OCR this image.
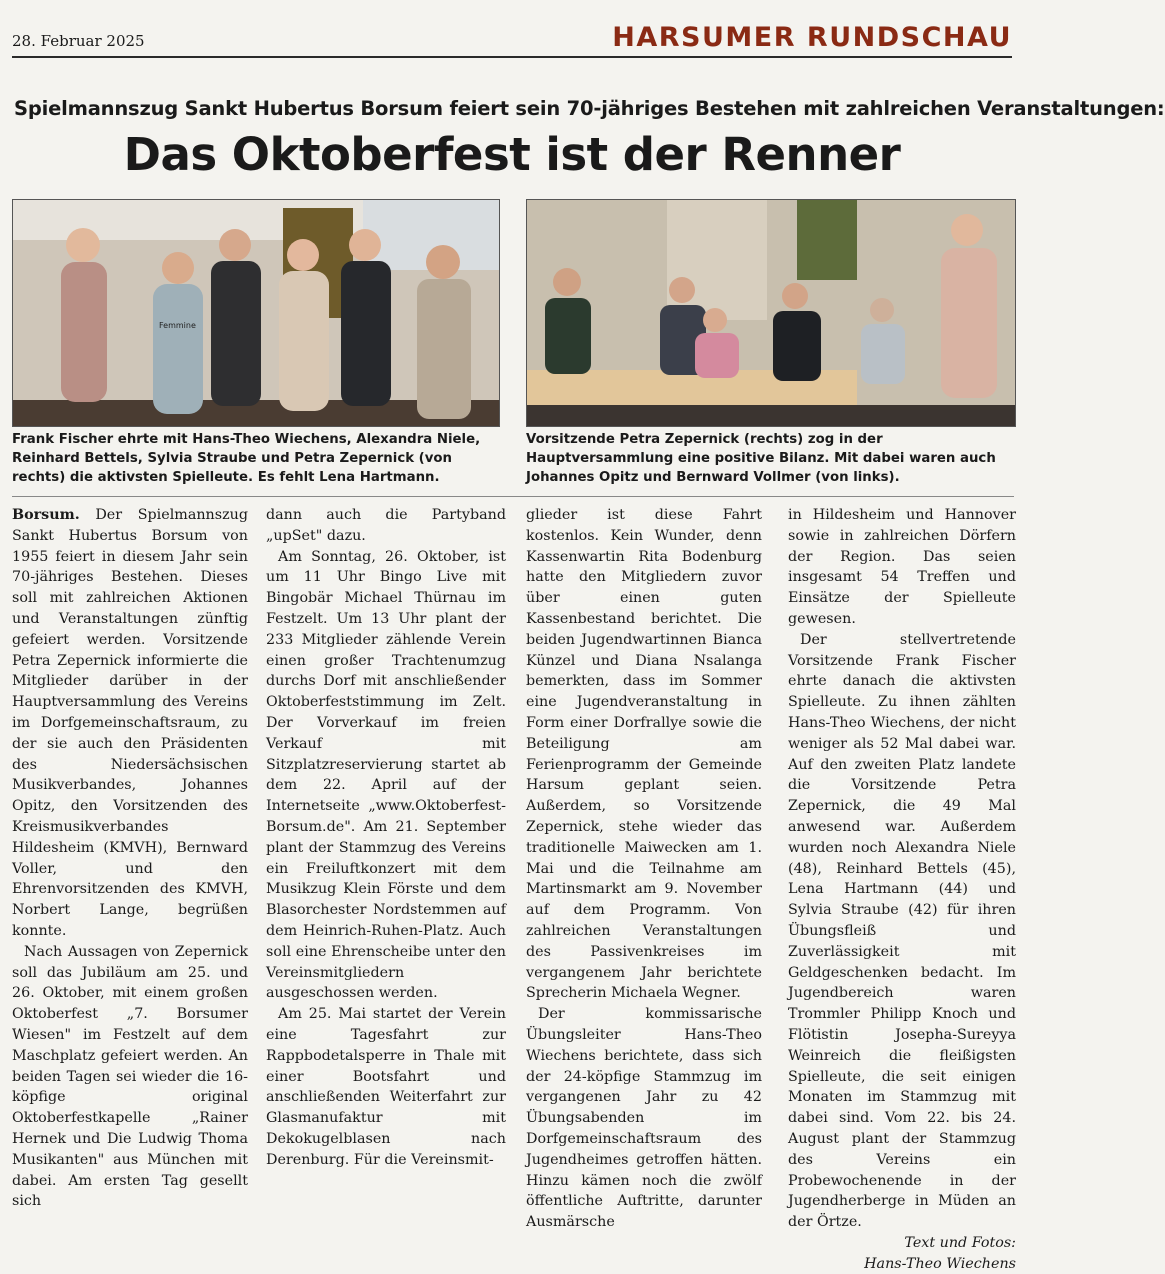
28. Februar 2025	HARSUMER RUNDSCHAU
Spielmannszug Sankt Hubertus Borsum feiert sein 70-jähriges Bestehen mit zahlreichen Veranstaltungen:
Das Oktoberfest ist der Renner
Femmine
Frank Fischer ehrte mit Hans-Theo Wiechens, Alexandra Niele, Reinhard Bettels, Sylvia Straube und Petra Zepernick (von rechts) die aktivsten Spielleute. Es fehlt Lena Hartmann.
Vorsitzende Petra Zepernick (rechts) zog in der Hauptversammlung eine positive Bilanz. Mit dabei waren auch Johannes Opitz und Bernward Vollmer (von links).

Borsum. Der Spielmannszug Sankt Hubertus Borsum von 1955 feiert in diesem Jahr sein 70-jähriges Bestehen. Dieses soll mit zahlreichen Aktionen und Veranstaltungen zünftig gefeiert werden. Vorsitzende Petra Zepernick informierte die Mitglieder darüber in der Hauptversammlung des Vereins im Dorfgemeinschaftsraum, zu der sie auch den Präsidenten des Niedersächsischen Musikverbandes, Johannes Opitz, den Vorsitzenden des Kreismusikverbandes Hildesheim (KMVH), Bernward Voller, und den Ehrenvorsitzenden des KMVH, Norbert Lange, begrüßen konnte.

Nach Aussagen von Zepernick soll das Jubiläum am 25. und 26. Oktober, mit einem großen Oktoberfest „7. Borsumer Wiesen" im Festzelt auf dem Maschplatz gefeiert werden. An beiden Tagen sei wieder die 16-köpfige original Oktoberfestkapelle „Rainer Hernek und Die Ludwig Thoma Musikanten" aus München mit dabei. Am ersten Tag gesellt sich

dann auch die Partyband „upSet" dazu.

Am Sonntag, 26. Oktober, ist um 11 Uhr Bingo Live mit Bingobär Michael Thürnau im Festzelt. Um 13 Uhr plant der 233 Mitglieder zählende Verein einen großer Trachtenumzug durchs Dorf mit anschließender Oktoberfeststimmung im Zelt. Der Vorverkauf im freien Verkauf mit Sitzplatzreservierung startet ab dem 22. April auf der Internetseite „www.Oktoberfest-Borsum.de". Am 21. September plant der Stammzug des Vereins ein Freiluftkonzert mit dem Musikzug Klein Förste und dem Blasorchester Nordstemmen auf dem Heinrich-Ruhen-Platz. Auch soll eine Ehrenscheibe unter den Vereinsmitgliedern ausgeschossen werden.

Am 25. Mai startet der Verein eine Tagesfahrt zur Rappbodetalsperre in Thale mit einer Bootsfahrt und anschließenden Weiterfahrt zur Glasmanufaktur mit Dekokugelblasen nach Derenburg. Für die Vereinsmit-

glieder ist diese Fahrt kostenlos. Kein Wunder, denn Kassenwartin Rita Bodenburg hatte den Mitgliedern zuvor über einen guten Kassenbestand berichtet. Die beiden Jugendwartinnen Bianca Künzel und Diana Nsalanga bemerkten, dass im Sommer eine Jugendveranstaltung in Form einer Dorfrallye sowie die Beteiligung am Ferienprogramm der Gemeinde Harsum geplant seien. Außerdem, so Vorsitzende Zepernick, stehe wieder das traditionelle Maiwecken am 1. Mai und die Teilnahme am Martinsmarkt am 9. November auf dem Programm. Von zahlreichen Veranstaltungen des Passivenkreises im vergangenem Jahr berichtete Sprecherin Michaela Wegner.

Der kommissarische Übungsleiter Hans-Theo Wiechens berichtete, dass sich der 24-köpfige Stammzug im vergangenen Jahr zu 42 Übungsabenden im Dorfgemeinschaftsraum des Jugendheimes getroffen hätten. Hinzu kämen noch die zwölf öffentliche Auftritte, darunter Ausmärsche

in Hildesheim und Hannover sowie in zahlreichen Dörfern der Region. Das seien insgesamt 54 Treffen und Einsätze der Spielleute gewesen.

Der stellvertretende Vorsitzende Frank Fischer ehrte danach die aktivsten Spielleute. Zu ihnen zählten Hans-Theo Wiechens, der nicht weniger als 52 Mal dabei war. Auf den zweiten Platz landete die Vorsitzende Petra Zepernick, die 49 Mal anwesend war. Außerdem wurden noch Alexandra Niele (48), Reinhard Bettels (45), Lena Hartmann (44) und Sylvia Straube (42) für ihren Übungsfleiß und Zuverlässigkeit mit Geldgeschenken bedacht. Im Jugendbereich waren Trommler Philipp Knoch und Flötistin Josepha-Sureyya Weinreich die fleißigsten Spielleute, die seit einigen Monaten im Stammzug mit dabei sind. Vom 22. bis 24. August plant der Stammzug des Vereins ein Probewochenende in der Jugendherberge in Müden an der Örtze.

Text und Fotos:
Hans-Theo Wiechens
